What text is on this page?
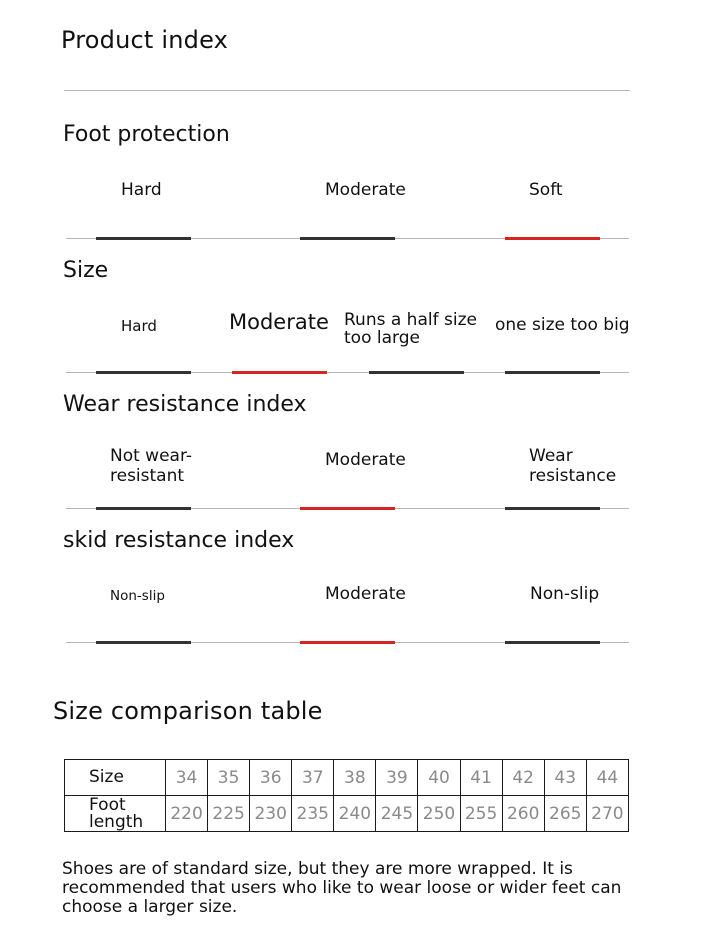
Product index
Foot protection
Hard	Moderate	Soft
Size
Hard	Moderate Runs a half size
too large
one size too big
Wear resistance index
Not wear-
resistant
Moderate	Wear
resistance
skid resistance index
Non-slip	Moderate	Non-slip
Size comparison table
Size	34	35	36	37	38	39	40	41	42	43	44

Foot
length	220	225	230	235	240	245	250	255	260	265	270
Shoes are of standard size, but they are more wrapped. It is recommended that users who like to wear loose or wider feet can choose a larger size.
